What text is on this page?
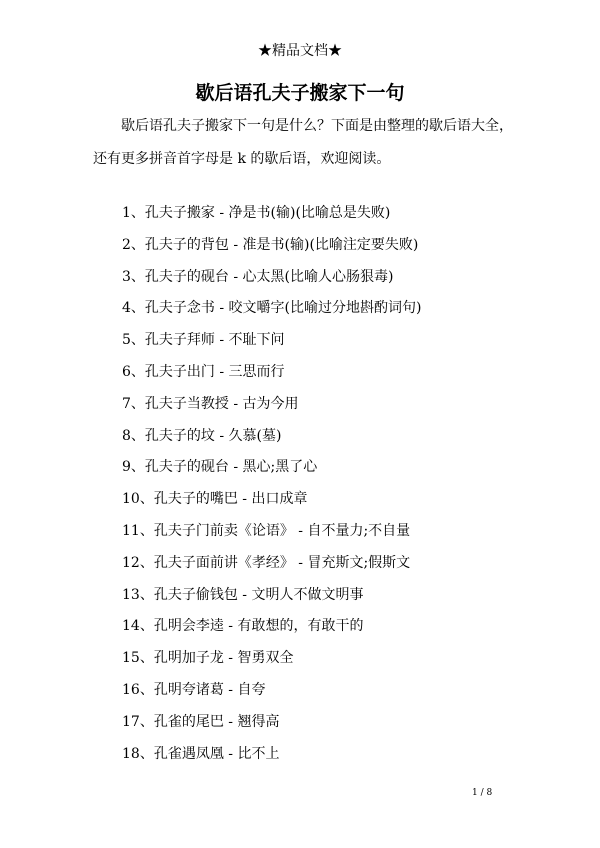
★精品文档★
歇后语孔夫子搬家下一句
歇后语孔夫子搬家下一句是什么？下面是由整理的歇后语大全，还有更多拼音首字母是 k 的歇后语，欢迎阅读。
1、孔夫子搬家 - 净是书(输)(比喻总是失败)
2、孔夫子的背包 - 准是书(输)(比喻注定要失败)
3、孔夫子的砚台 - 心太黑(比喻人心肠狠毒)
4、孔夫子念书 - 咬文嚼字(比喻过分地斟酌词句)
5、孔夫子拜师 - 不耻下问
6、孔夫子出门 - 三思而行
7、孔夫子当教授 - 古为今用
8、孔夫子的坟 - 久慕(墓)
9、孔夫子的砚台 - 黑心;黑了心
10、孔夫子的嘴巴 - 出口成章
11、孔夫子门前卖《论语》 - 自不量力;不自量
12、孔夫子面前讲《孝经》 - 冒充斯文;假斯文
13、孔夫子偷钱包 - 文明人不做文明事
14、孔明会李逵 - 有敢想的，有敢干的
15、孔明加子龙 - 智勇双全
16、孔明夸诸葛 - 自夸
17、孔雀的尾巴 - 翘得高
18、孔雀遇凤凰 - 比不上
1 / 8
